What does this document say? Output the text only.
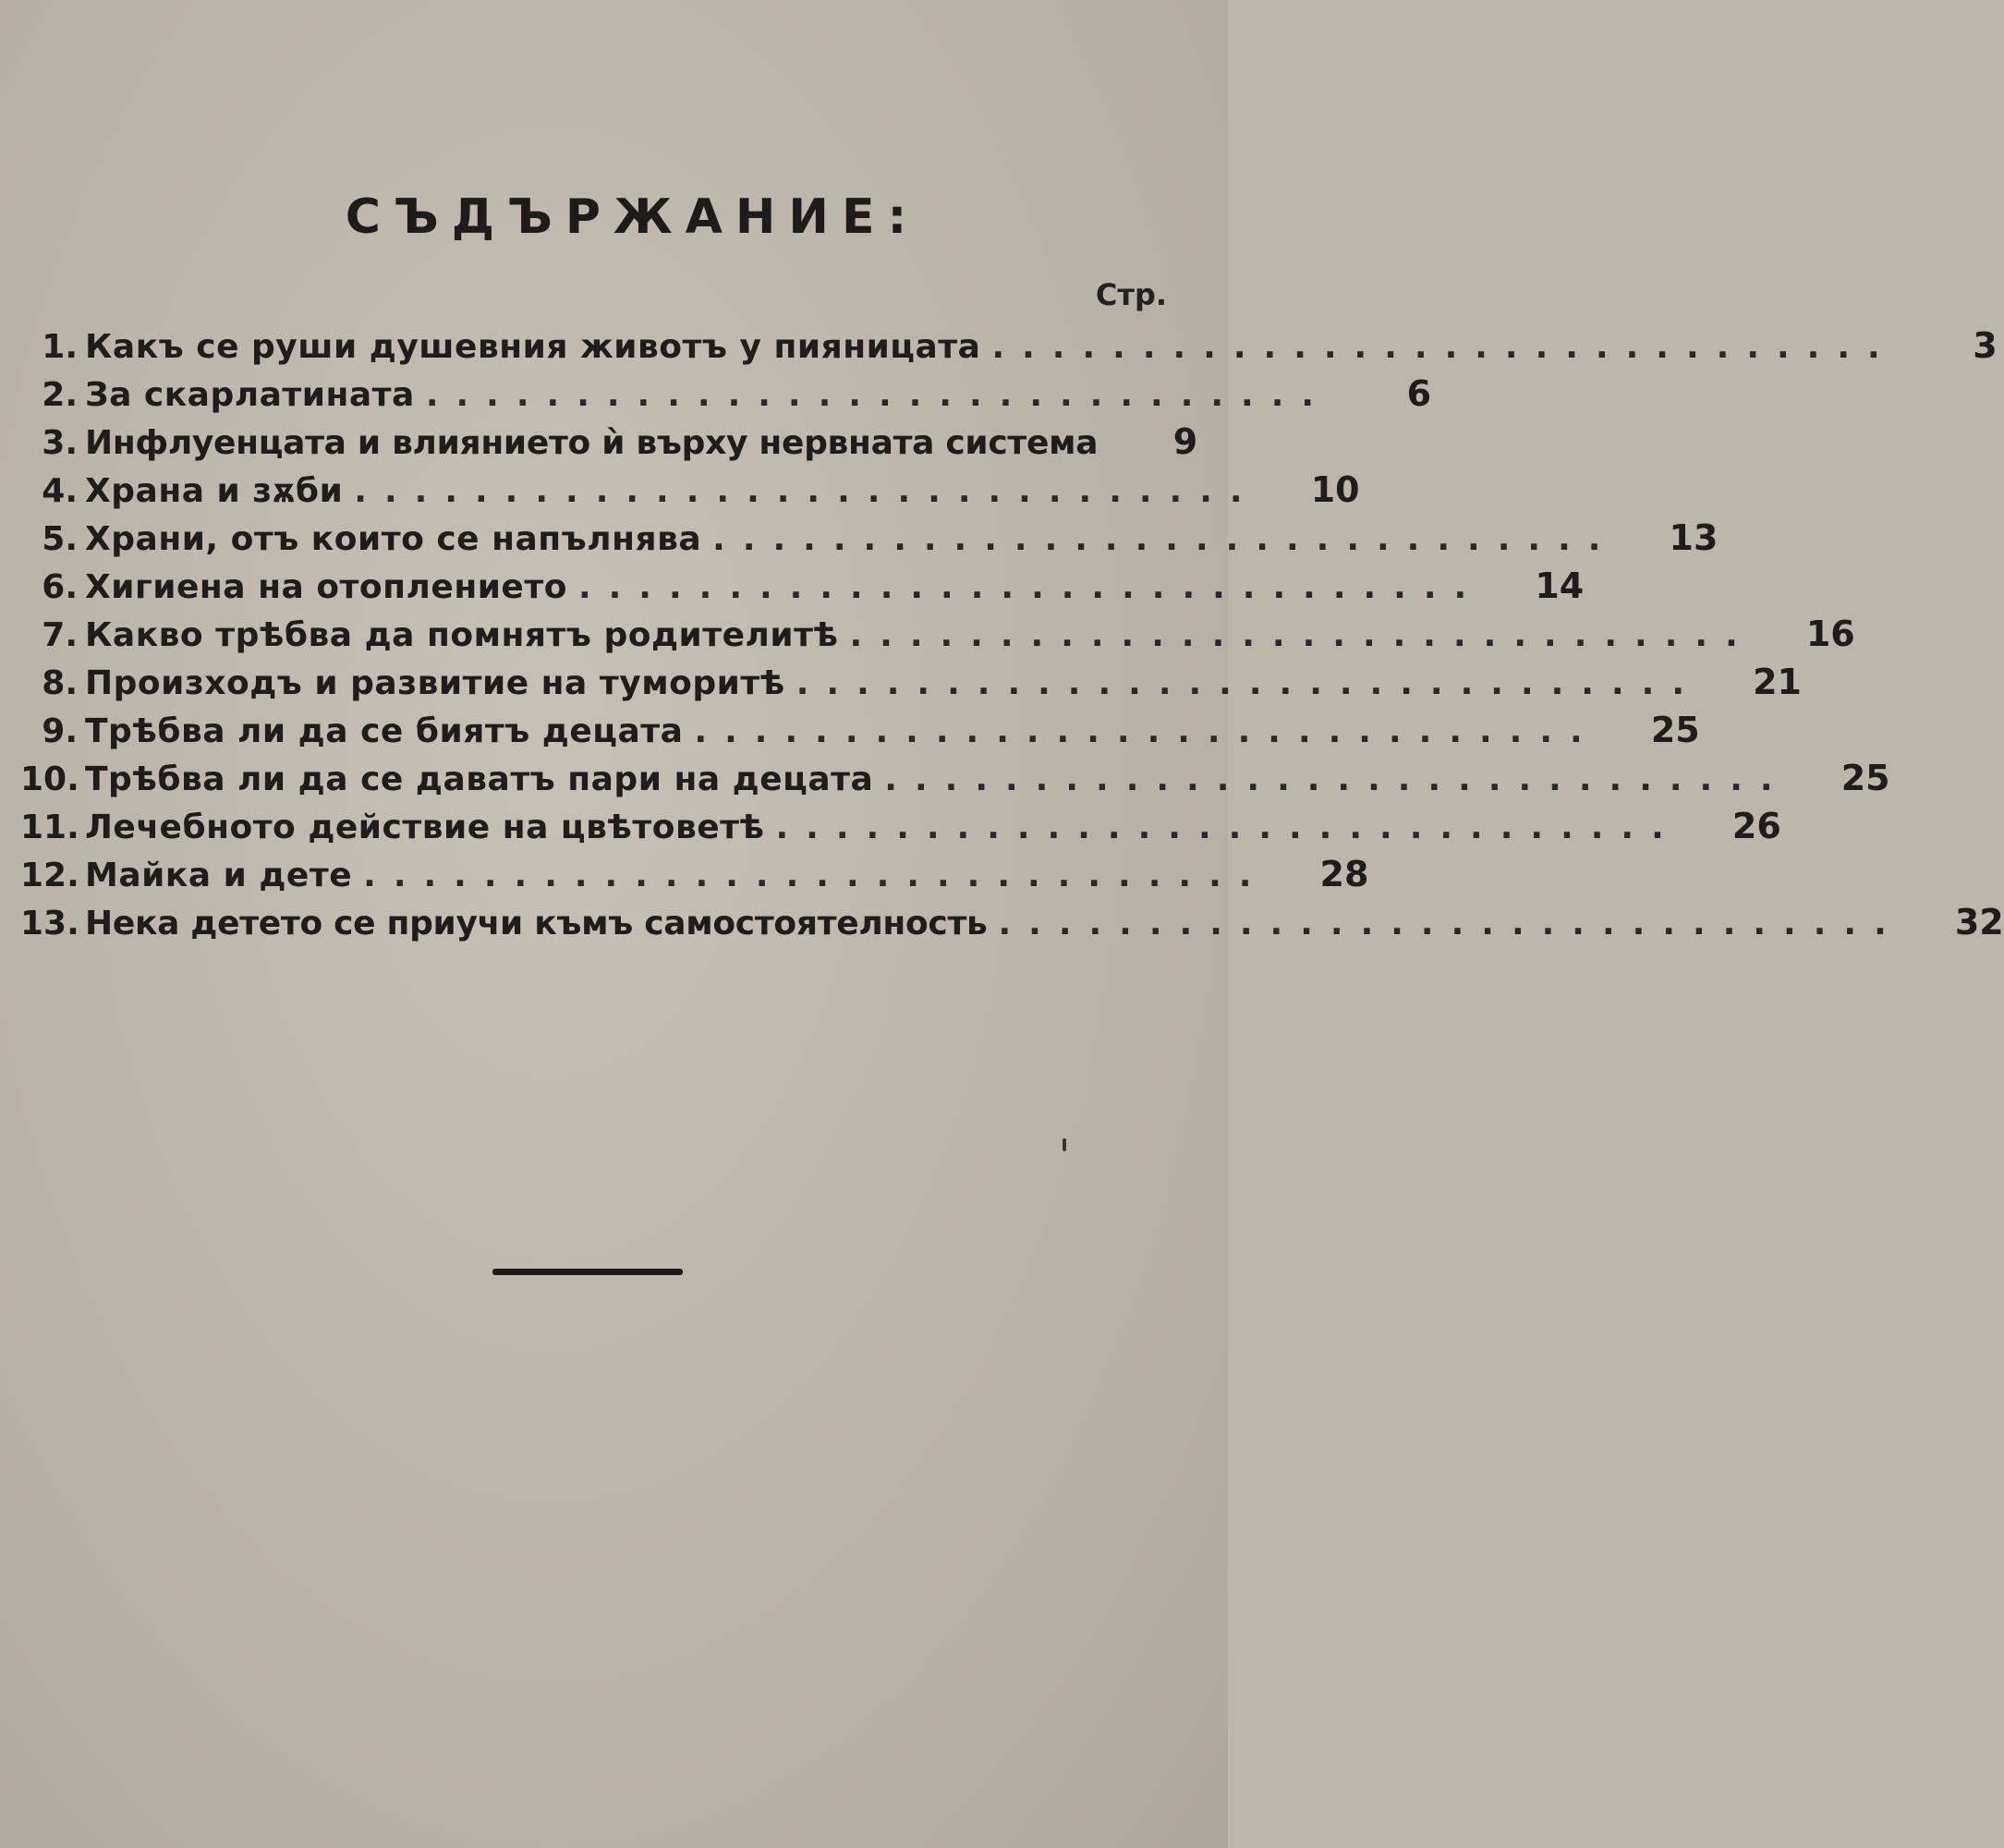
СЪДЪРЖАНИЕ:
Стр.
1. Какъ се руши душевния животъ у пияницата ..............................	3
2. За скарлатината ..............................	6
3. Инфлуенцата и влиянието ѝ върху нервната система	9
4. Храна и зѫби ..............................	10
5. Храни, отъ които се напълнява ..............................	13
6. Хигиена на отоплението ..............................	14
7. Какво трѣбва да помнятъ родителитѣ ..............................	16
8. Произходъ и развитие на туморитѣ ..............................	21
9. Трѣбва ли да се биятъ децата ..............................	25
10. Трѣбва ли да се даватъ пари на децата ..............................	25
11. Лечебното действие на цвѣтоветѣ ..............................	26
12. Майка и дете ..............................	28
13. Нека детето се приучи къмъ самостоятелность ..............................	32
